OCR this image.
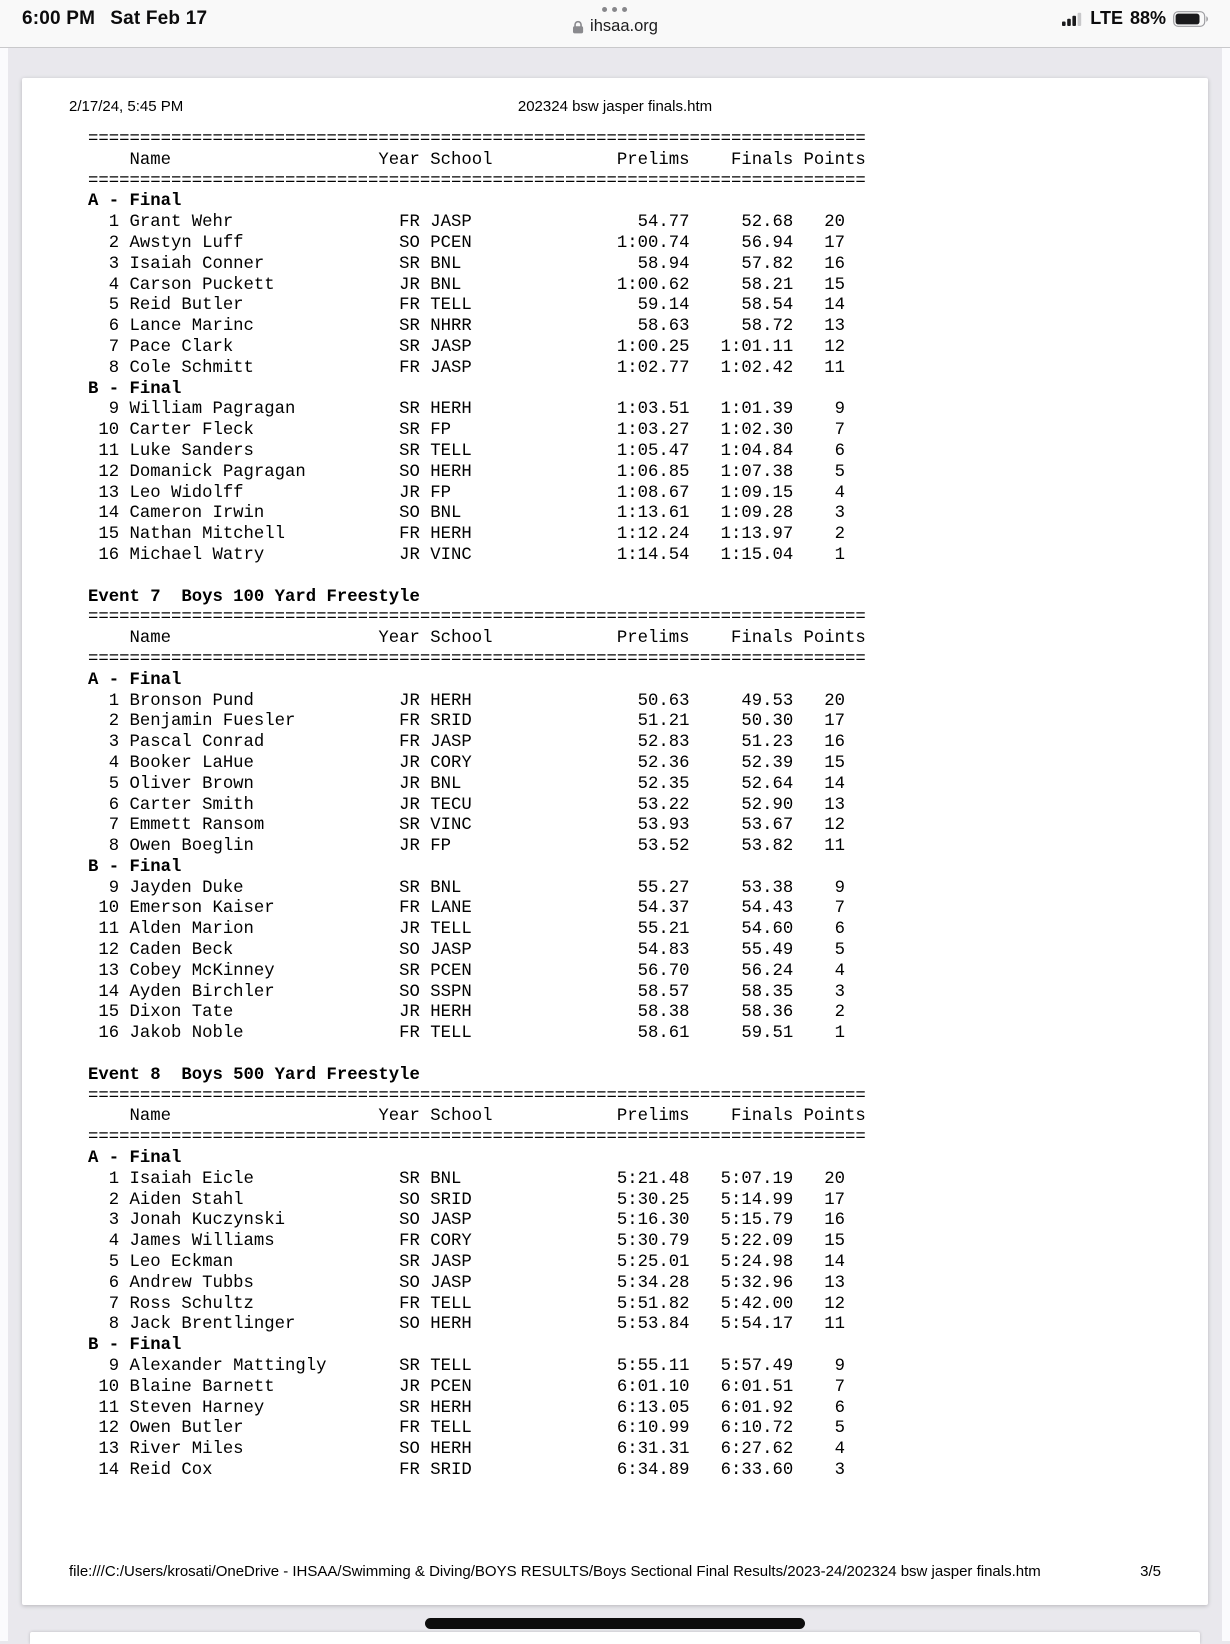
6:00 PM Sat Feb 17	ihsaa.org	LTE 88%
202324 bsw jasper finals.htm
2/17/24, 5:45 PM
===========================================================================
Name                    Year School            Prelims    Finals Points
===========================================================================
A - Final
1 Grant Wehr                FR JASP                54.77     52.68   20
2 Awstyn Luff               SO PCEN              1:00.74     56.94   17
3 Isaiah Conner             SR BNL                 58.94     57.82   16
4 Carson Puckett            JR BNL               1:00.62     58.21   15
5 Reid Butler               FR TELL                59.14     58.54   14
6 Lance Marinc              SR NHRR                58.63     58.72   13
7 Pace Clark                SR JASP              1:00.25   1:01.11   12
8 Cole Schmitt              FR JASP              1:02.77   1:02.42   11
B - Final
9 William Pagragan          SR HERH              1:03.51   1:01.39    9
10 Carter Fleck              SR FP                1:03.27   1:02.30    7
11 Luke Sanders              SR TELL              1:05.47   1:04.84    6
12 Domanick Pagragan         SO HERH              1:06.85   1:07.38    5
13 Leo Widolff               JR FP                1:08.67   1:09.15    4
14 Cameron Irwin             SO BNL               1:13.61   1:09.28    3
15 Nathan Mitchell           FR HERH              1:12.24   1:13.97    2
16 Michael Watry             JR VINC              1:14.54   1:15.04    1
Event 7  Boys 100 Yard Freestyle
===========================================================================
Name                    Year School            Prelims    Finals Points
===========================================================================
A - Final
1 Bronson Pund              JR HERH                50.63     49.53   20
2 Benjamin Fuesler          FR SRID                51.21     50.30   17
3 Pascal Conrad             FR JASP                52.83     51.23   16
4 Booker LaHue              JR CORY                52.36     52.39   15
5 Oliver Brown              JR BNL                 52.35     52.64   14
6 Carter Smith              JR TECU                53.22     52.90   13
7 Emmett Ransom             SR VINC                53.93     53.67   12
8 Owen Boeglin              JR FP                  53.52     53.82   11
B - Final
9 Jayden Duke               SR BNL                 55.27     53.38    9
10 Emerson Kaiser            FR LANE                54.37     54.43    7
11 Alden Marion              JR TELL                55.21     54.60    6
12 Caden Beck                SO JASP                54.83     55.49    5
13 Cobey McKinney            SR PCEN                56.70     56.24    4
14 Ayden Birchler            SO SSPN                58.57     58.35    3
15 Dixon Tate                JR HERH                58.38     58.36    2
16 Jakob Noble               FR TELL                58.61     59.51    1
Event 8  Boys 500 Yard Freestyle
===========================================================================
Name                    Year School            Prelims    Finals Points
===========================================================================
A - Final
1 Isaiah Eicle              SR BNL               5:21.48   5:07.19   20
2 Aiden Stahl               SO SRID              5:30.25   5:14.99   17
3 Jonah Kuczynski           SO JASP              5:16.30   5:15.79   16
4 James Williams            FR CORY              5:30.79   5:22.09   15
5 Leo Eckman                SR JASP              5:25.01   5:24.98   14
6 Andrew Tubbs              SO JASP              5:34.28   5:32.96   13
7 Ross Schultz              FR TELL              5:51.82   5:42.00   12
8 Jack Brentlinger          SO HERH              5:53.84   5:54.17   11
B - Final
9 Alexander Mattingly       SR TELL              5:55.11   5:57.49    9
10 Blaine Barnett            JR PCEN              6:01.10   6:01.51    7
11 Steven Harney             SR HERH              6:13.05   6:01.92    6
12 Owen Butler               FR TELL              6:10.99   6:10.72    5
13 River Miles               SO HERH              6:31.31   6:27.62    4
14 Reid Cox                  FR SRID              6:34.89   6:33.60    3
file:///C:/Users/krosati/OneDrive - IHSAA/Swimming & Diving/BOYS RESULTS/Boys Sectional Final Results/2023-24/202324 bsw jasper finals.htm	3/5
